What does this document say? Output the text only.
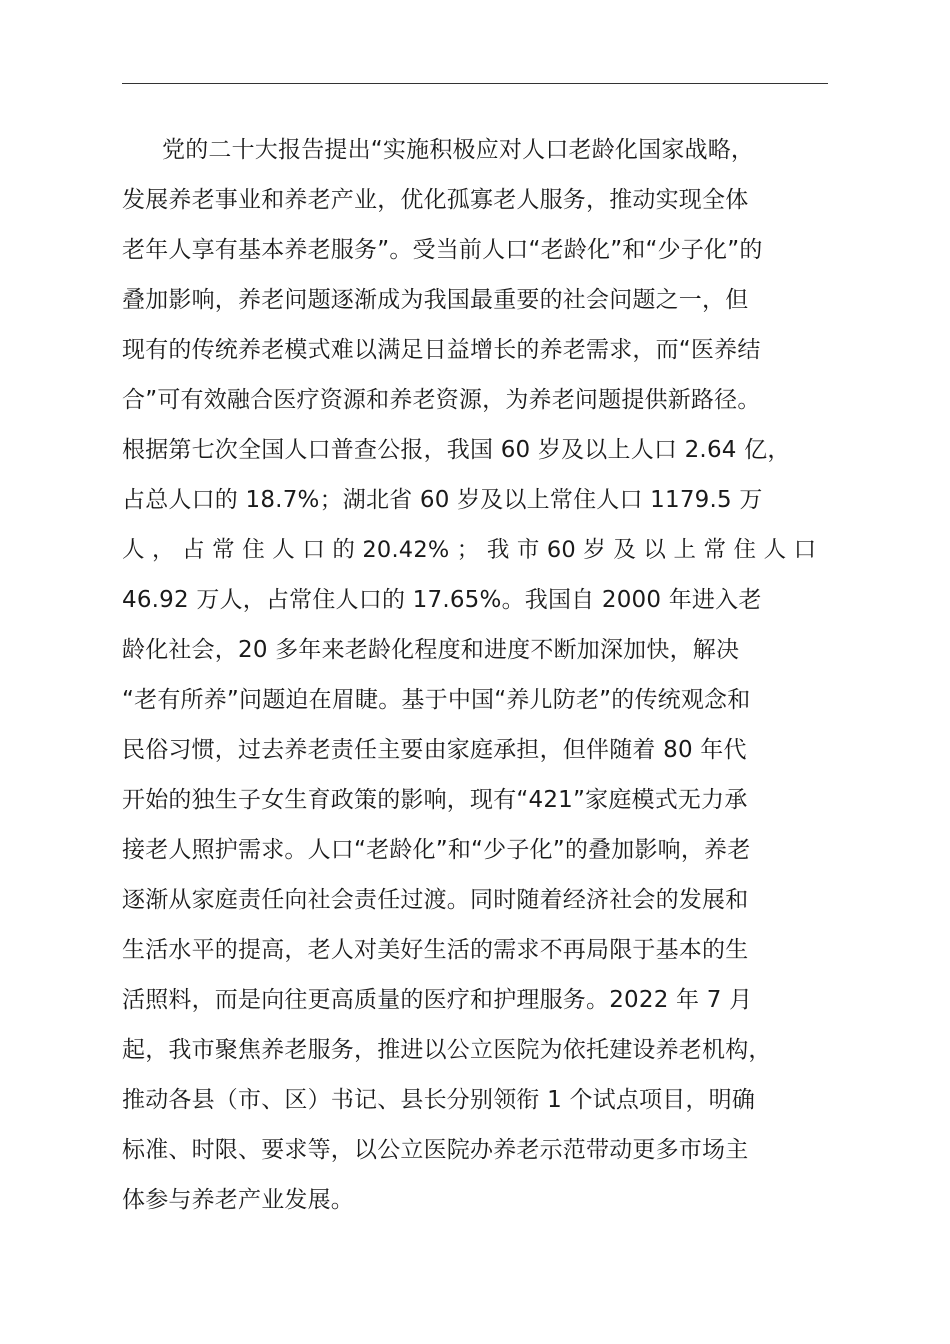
党的二十大报告提出“实施积极应对人口老龄化国家战略，
发展养老事业和养老产业，优化孤寡老人服务，推动实现全体
老年人享有基本养老服务”。受当前人口“老龄化”和“少子化”的
叠加影响，养老问题逐渐成为我国最重要的社会问题之一，但
现有的传统养老模式难以满足日益增长的养老需求，而“医养结
合”可有效融合医疗资源和养老资源，为养老问题提供新路径。
根据第七次全国人口普查公报，我国 60 岁及以上人口 2.64 亿，
占总人口的 18.7%；湖北省 60 岁及以上常住人口 1179.5 万
人 ， 占 常 住 人 口 的 20.42% ； 我 市 60 岁 及 以 上 常 住 人 口
46.92 万人，占常住人口的 17.65%。我国自 2000 年进入老
龄化社会，20 多年来老龄化程度和进度不断加深加快，解决
“老有所养”问题迫在眉睫。基于中国“养儿防老”的传统观念和
民俗习惯，过去养老责任主要由家庭承担，但伴随着 80 年代
开始的独生子女生育政策的影响，现有“421”家庭模式无力承
接老人照护需求。人口“老龄化”和“少子化”的叠加影响，养老
逐渐从家庭责任向社会责任过渡。同时随着经济社会的发展和
生活水平的提高，老人对美好生活的需求不再局限于基本的生
活照料，而是向往更高质量的医疗和护理服务。2022 年 7 月
起，我市聚焦养老服务，推进以公立医院为依托建设养老机构，
推动各县（市、区）书记、县长分别领衔 1 个试点项目，明确
标准、时限、要求等，以公立医院办养老示范带动更多市场主
体参与养老产业发展。
